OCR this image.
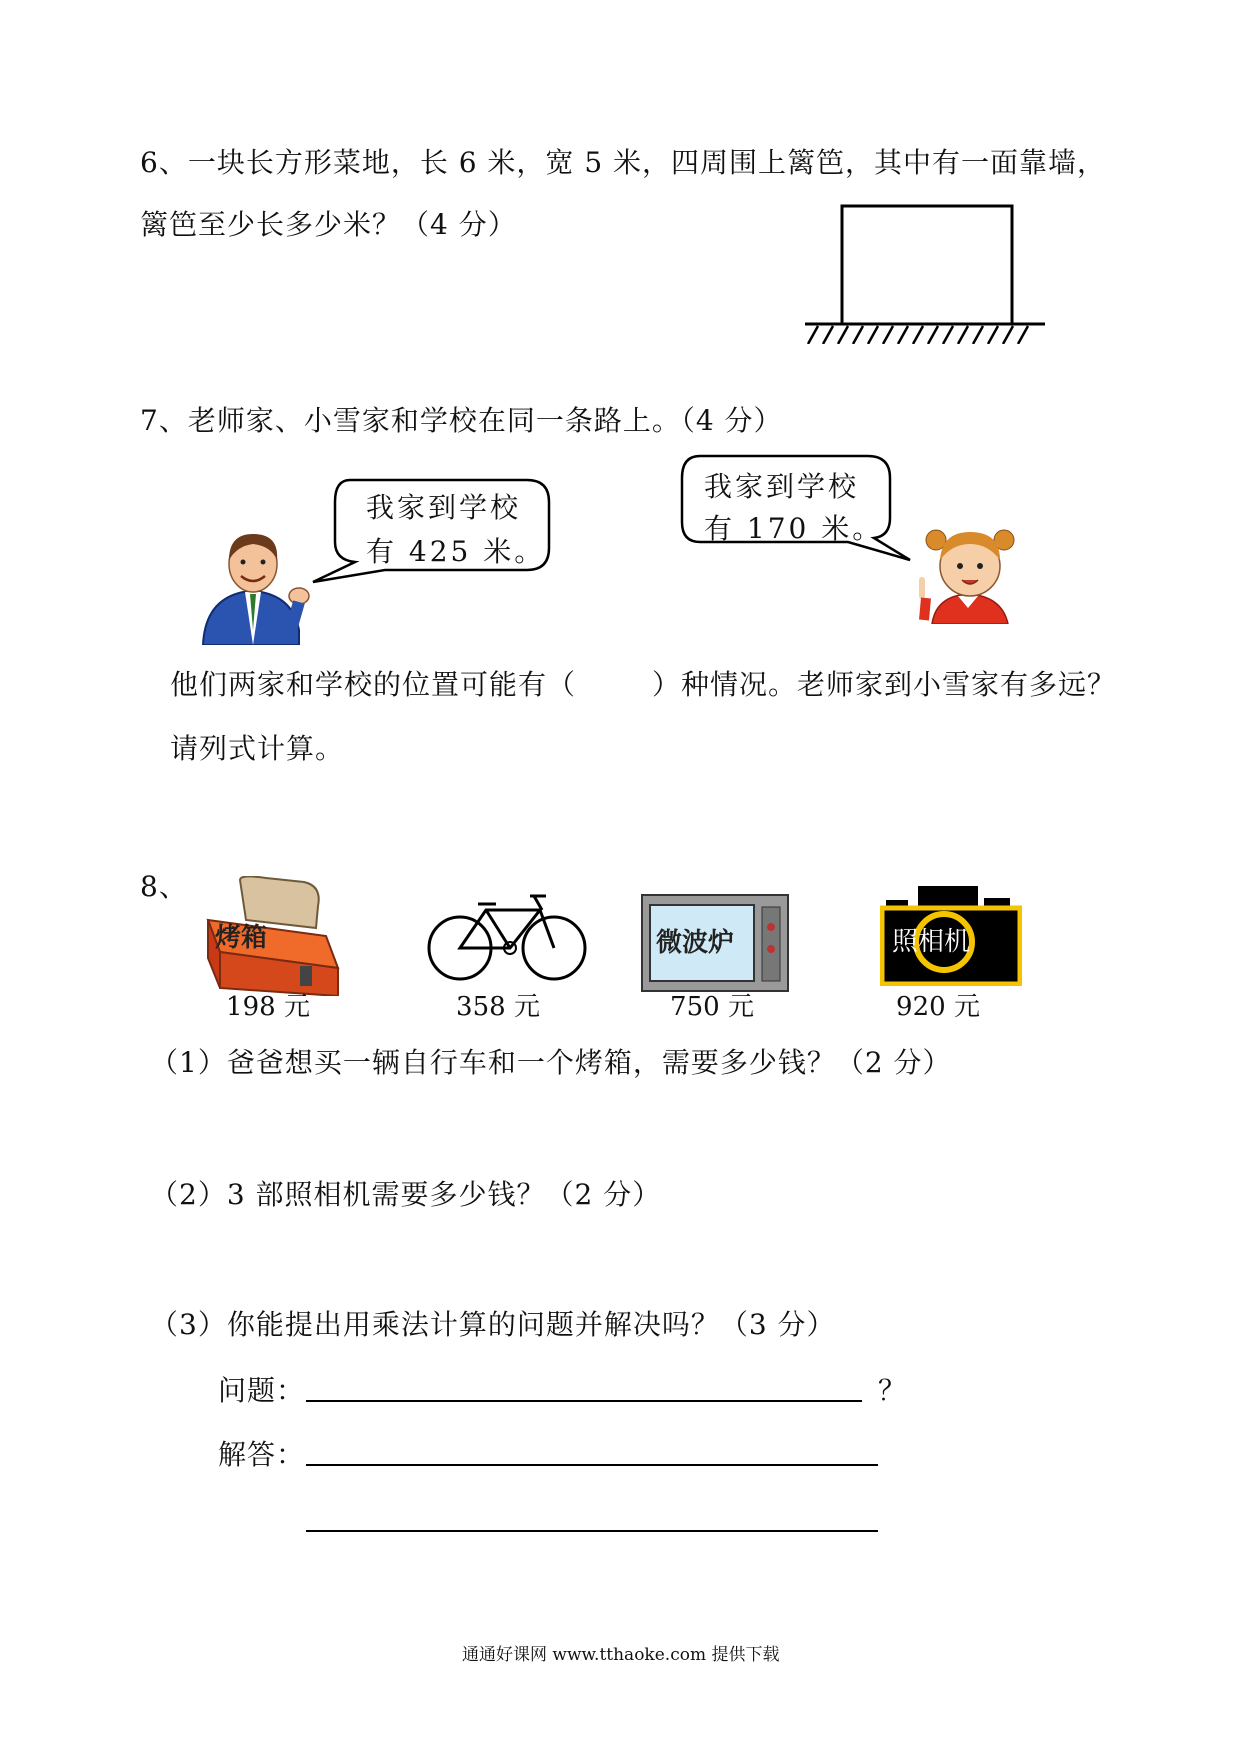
6、一块长方形菜地，长 6 米，宽 5 米，四周围上篱笆，其中有一面靠墙，
篱笆至少长多少米？（4 分）
7、老师家、小雪家和学校在同一条路上。（4 分）
我家到学校
有 425 米。
我家到学校
有 170 米。
他们两家和学校的位置可能有（	）种情况。老师家到小雪家有多远？
请列式计算。
8、
烤箱
198 元	358 元
微波炉
750 元
照相机
920 元
（1）爸爸想买一辆自行车和一个烤箱，需要多少钱？（2 分）
（2）3 部照相机需要多少钱？（2 分）
（3）你能提出用乘法计算的问题并解决吗？（3 分）
问题：	？
解答：
通通好课网 www.tthaoke.com 提供下载
